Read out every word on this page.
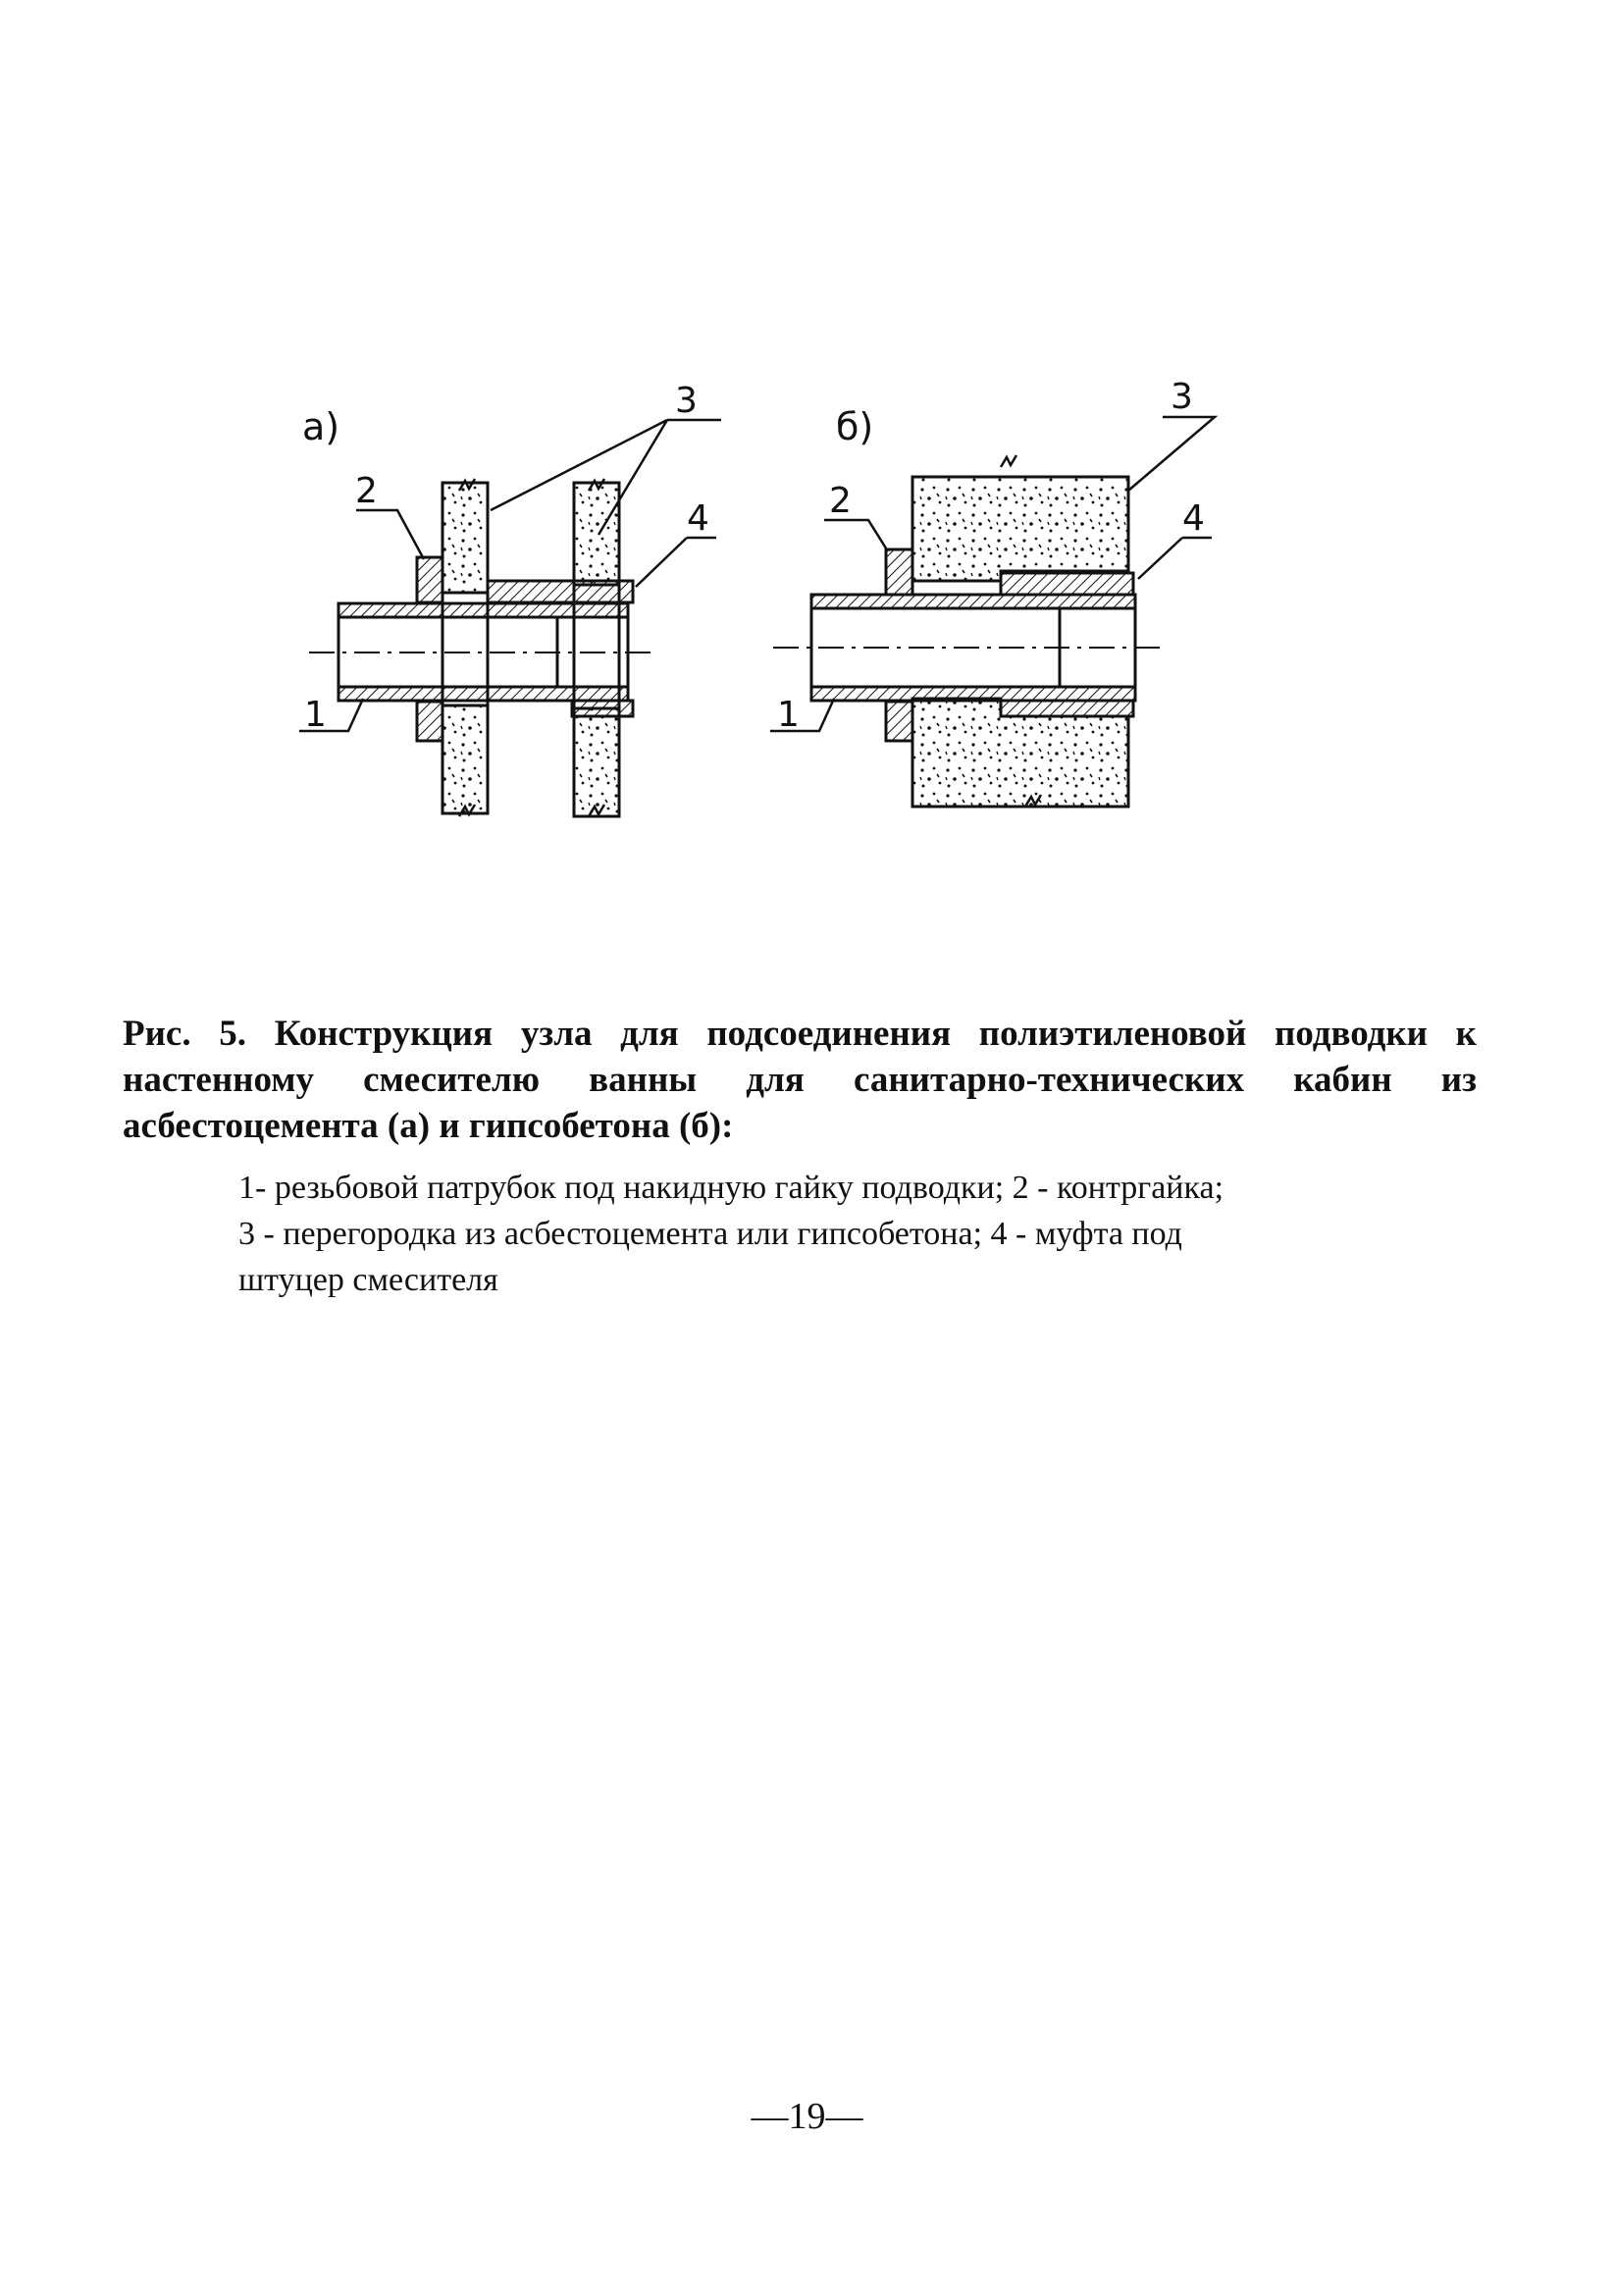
а)
2
3
4
1
б)
2
3
4
1
Рис. 5. Конструкция узла для подсоединения полиэтиленовой подводки к настенному смесителю ванны для санитарно-технических кабин из асбестоцемента (а) и гипсобетона (б):
1- резьбовой патрубок под накидную гайку подводки; 2 - контргайка;
3 - перегородка из асбестоцемента или гипсобетона; 4 - муфта под
штуцер смесителя
—19—
